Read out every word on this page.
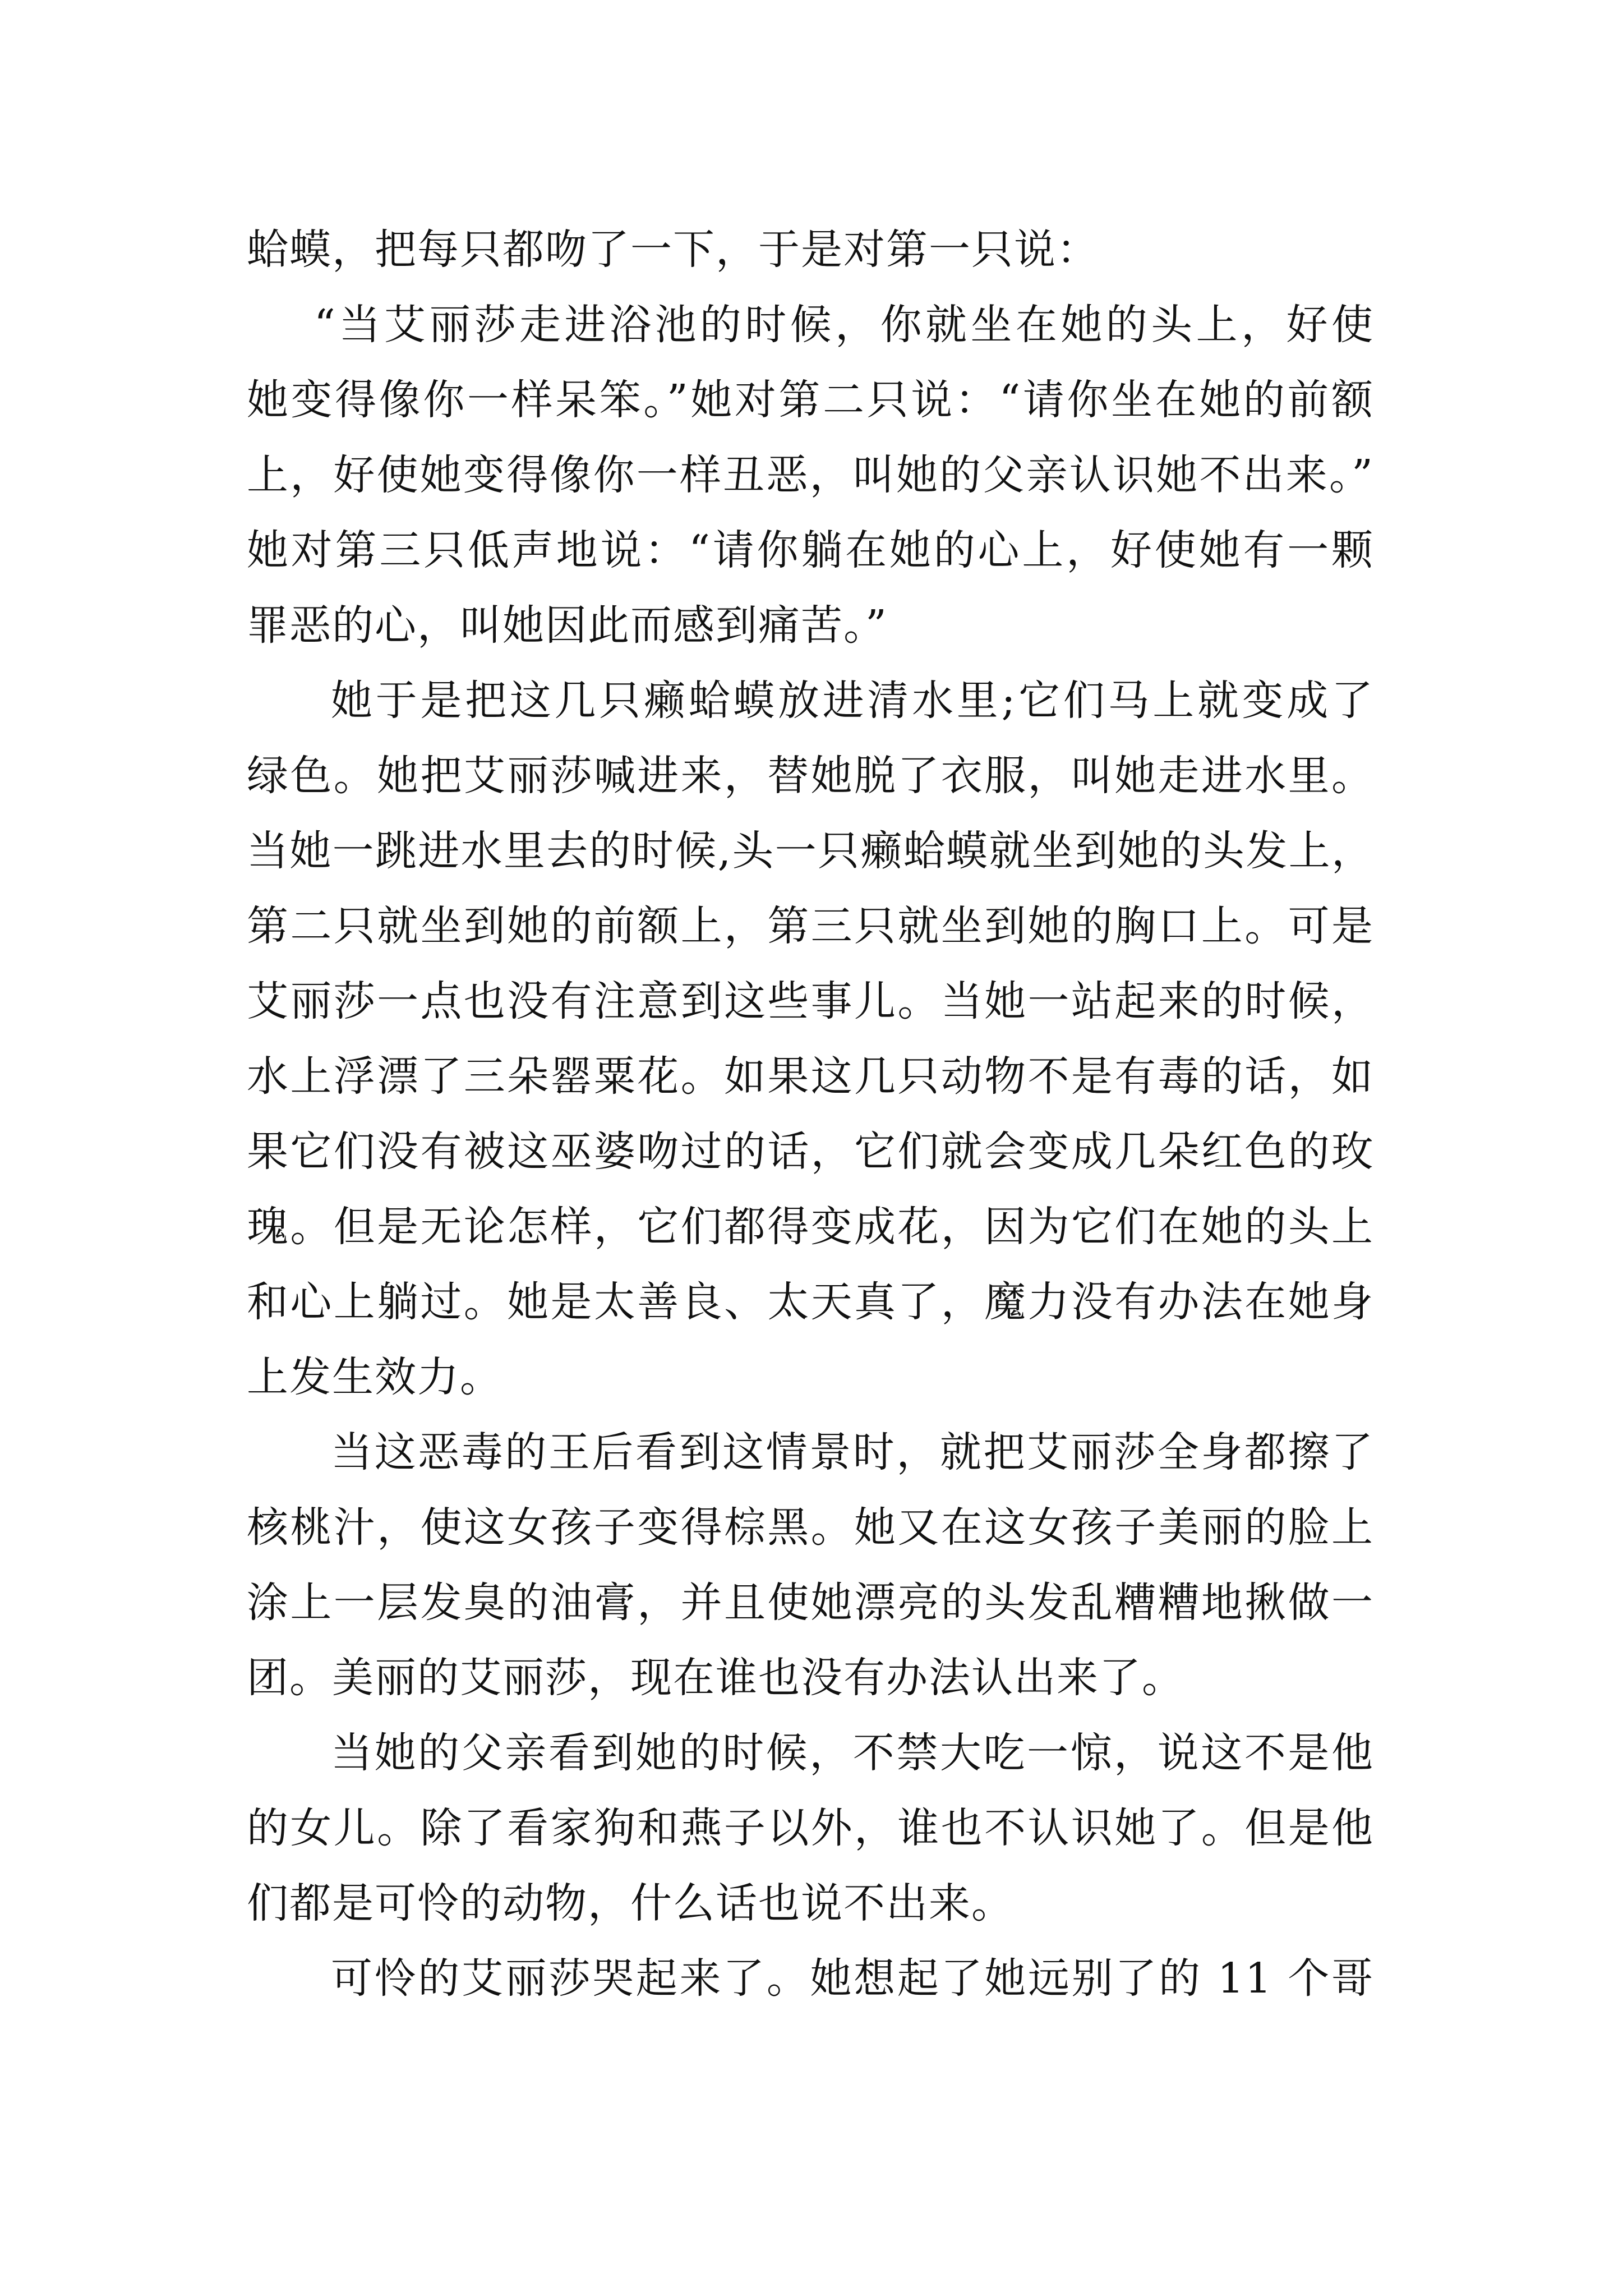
蛤蟆，把每只都吻了一下，于是对第一只说：
“当艾丽莎走进浴池的时候，你就坐在她的头上，好使
她变得像你一样呆笨。”她对第二只说：“请你坐在她的前额
上，好使她变得像你一样丑恶，叫她的父亲认识她不出来。”
她对第三只低声地说：“请你躺在她的心上，好使她有一颗
罪恶的心，叫她因此而感到痛苦。”
她于是把这几只癞蛤蟆放进清水里;它们马上就变成了
绿色。她把艾丽莎喊进来，替她脱了衣服，叫她走进水里。
当她一跳进水里去的时候,头一只癞蛤蟆就坐到她的头发上，
第二只就坐到她的前额上，第三只就坐到她的胸口上。可是
艾丽莎一点也没有注意到这些事儿。当她一站起来的时候，
水上浮漂了三朵罂粟花。如果这几只动物不是有毒的话，如
果它们没有被这巫婆吻过的话，它们就会变成几朵红色的玫
瑰。但是无论怎样，它们都得变成花，因为它们在她的头上
和心上躺过。她是太善良、太天真了，魔力没有办法在她身
上发生效力。
当这恶毒的王后看到这情景时，就把艾丽莎全身都擦了
核桃汁，使这女孩子变得棕黑。她又在这女孩子美丽的脸上
涂上一层发臭的油膏，并且使她漂亮的头发乱糟糟地揪做一
团。美丽的艾丽莎，现在谁也没有办法认出来了。
当她的父亲看到她的时候，不禁大吃一惊，说这不是他
的女儿。除了看家狗和燕子以外，谁也不认识她了。但是他
们都是可怜的动物，什么话也说不出来。
可怜的艾丽莎哭起来了。她想起了她远别了的 11 个哥
